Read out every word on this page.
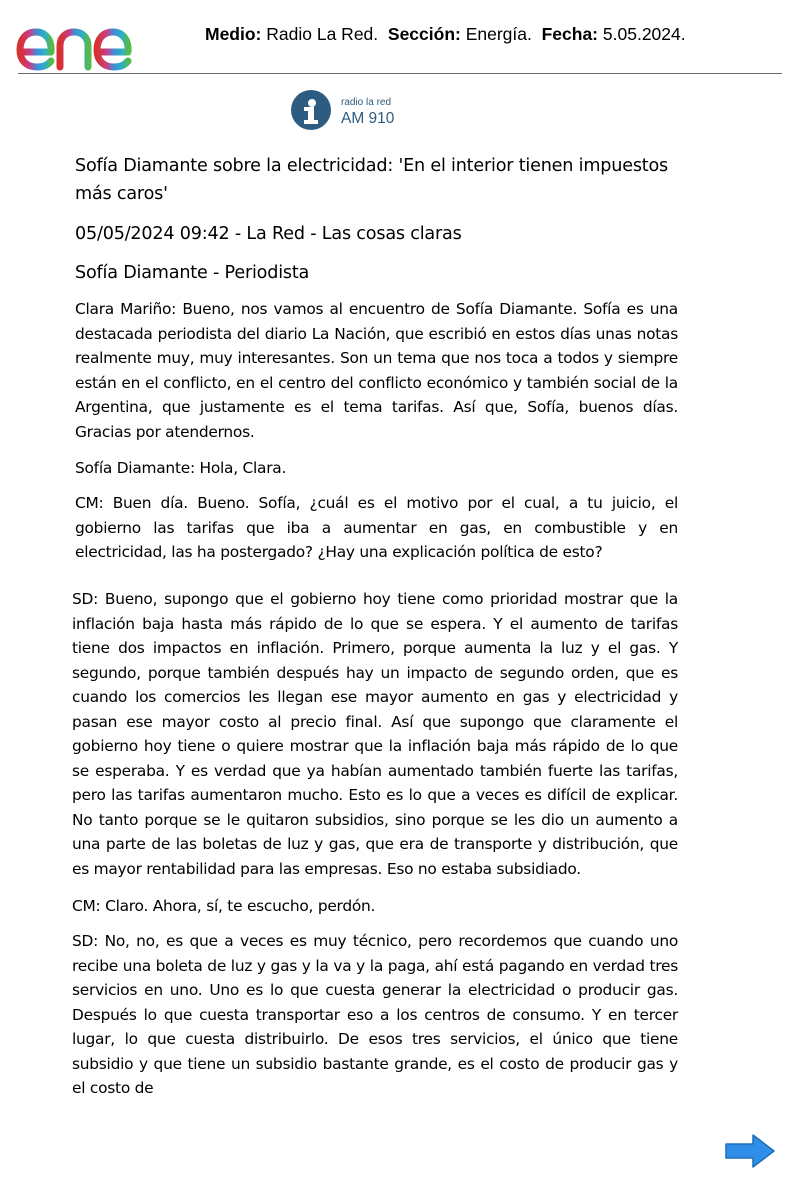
enel
Medio: Radio La Red. Sección: Energía. Fecha: 5.05.2024.
radio la red
AM 910
Sofía Diamante sobre la electricidad: 'En el interior tienen impuestos más caros'
05/05/2024 09:42 - La Red - Las cosas claras
Sofía Diamante - Periodista
Clara Mariño: Bueno, nos vamos al encuentro de Sofía Diamante. Sofía es una destacada periodista del diario La Nación, que escribió en estos días unas notas realmente muy, muy interesantes. Son un tema que nos toca a todos y siempre están en el conflicto, en el centro del conflicto económico y también social de la Argentina, que justamente es el tema tarifas. Así que, Sofía, buenos días. Gracias por atendernos.
Sofía Diamante: Hola, Clara.
CM: Buen día. Bueno. Sofía, ¿cuál es el motivo por el cual, a tu juicio, el gobierno las tarifas que iba a aumentar en gas, en combustible y en electricidad, las ha postergado? ¿Hay una explicación política de esto?
SD: Bueno, supongo que el gobierno hoy tiene como prioridad mostrar que la inflación baja hasta más rápido de lo que se espera. Y el aumento de tarifas tiene dos impactos en inflación. Primero, porque aumenta la luz y el gas. Y segundo, porque también después hay un impacto de segundo orden, que es cuando los comercios les llegan ese mayor aumento en gas y electricidad y pasan ese mayor costo al precio final. Así que supongo que claramente el gobierno hoy tiene o quiere mostrar que la inflación baja más rápido de lo que se esperaba. Y es verdad que ya habían aumentado también fuerte las tarifas, pero las tarifas aumentaron mucho. Esto es lo que a veces es difícil de explicar. No tanto porque se le quitaron subsidios, sino porque se les dio un aumento a una parte de las boletas de luz y gas, que era de transporte y distribución, que es mayor rentabilidad para las empresas. Eso no estaba subsidiado.
CM: Claro. Ahora, sí, te escucho, perdón.
SD: No, no, es que a veces es muy técnico, pero recordemos que cuando uno recibe una boleta de luz y gas y la va y la paga, ahí está pagando en verdad tres servicios en uno. Uno es lo que cuesta generar la electricidad o producir gas. Después lo que cuesta transportar eso a los centros de consumo. Y en tercer lugar, lo que cuesta distribuirlo. De esos tres servicios, el único que tiene subsidio y que tiene un subsidio bastante grande, es el costo de producir gas y el costo de
